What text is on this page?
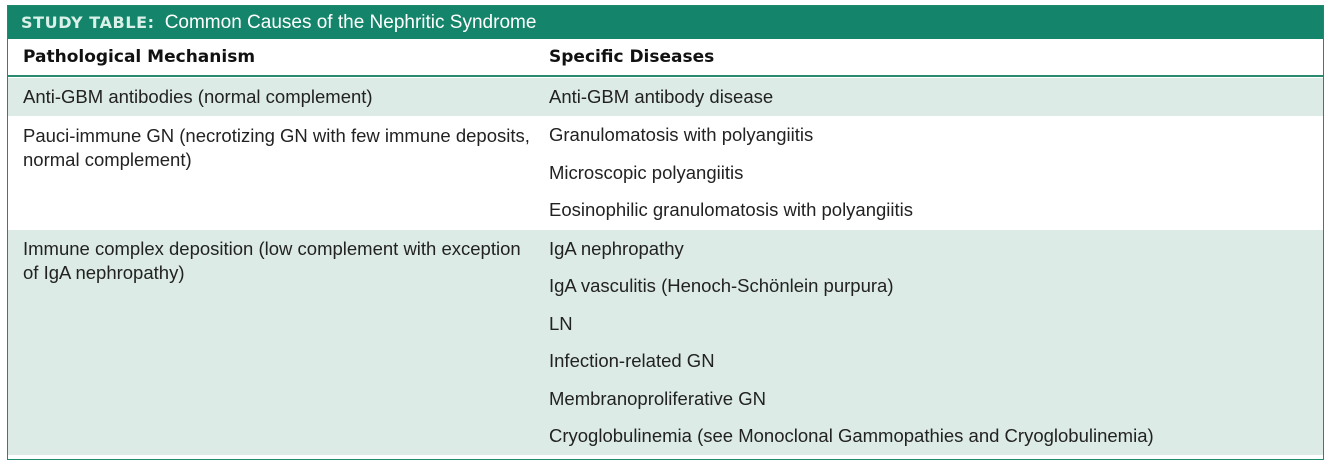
STUDY TABLE: Common Causes of the Nephritic Syndrome
Pathological Mechanism	Specific Diseases
Anti-GBM antibodies (normal complement)	Anti-GBM antibody disease
Pauci-immune GN (necrotizing GN with few immune deposits, normal complement)
Granulomatosis with polyangiitis
Microscopic polyangiitis
Eosinophilic granulomatosis with polyangiitis
Immune complex deposition (low complement with exception of IgA nephropathy)
IgA nephropathy
IgA vasculitis (Henoch-Schönlein purpura)
LN
Infection-related GN
Membranoproliferative GN
Cryoglobulinemia (see Monoclonal Gammopathies and Cryoglobulinemia)
